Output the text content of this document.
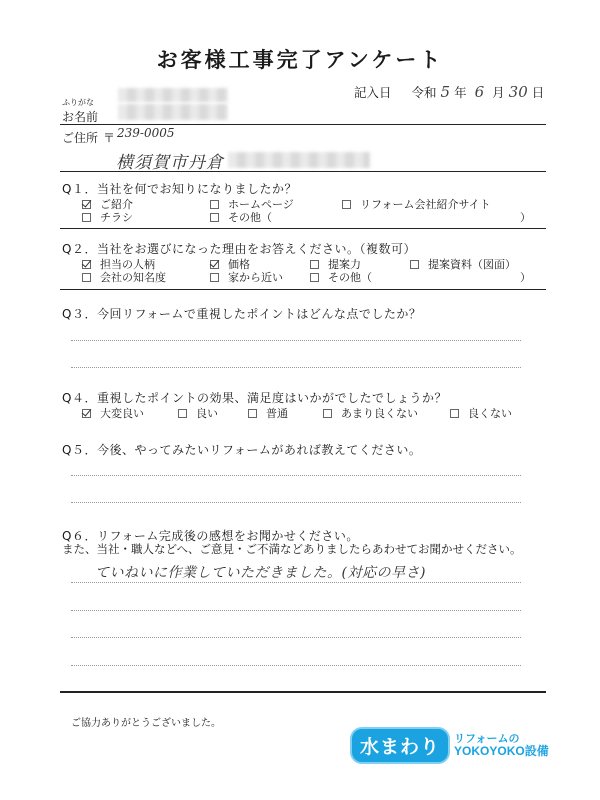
お客様工事完了アンケート
記入日 令和 5 年 6 月 30 日
ふりがな
お名前
ご住所 〒 239-0005
横須賀市丹倉
Q１．当社を何でお知りになりましたか？
ご紹介	ホームページ	リフォーム会社紹介サイト
チラシ	その他（	）
Q２．当社をお選びになった理由をお答えください。（複数可）
担当の人柄	価格	提案力	提案資料（図面）
会社の知名度	家から近い	その他（	）
Q３．今回リフォームで重視したポイントはどんな点でしたか？
Q４．重視したポイントの効果、満足度はいかがでしたでしょうか？
大変良い	良い	普通	あまり良くない	良くない
Q５．今後、やってみたいリフォームがあれば教えてください。
Q６．リフォーム完成後の感想をお聞かせください。
また、当社・職人などへ、ご意見・ご不満などありましたらあわせてお聞かせください。
ていねいに作業していただきました。(対応の早さ)
ご協力ありがとうございました。
水まわり	リフォームの
YOKOYOKO設備
